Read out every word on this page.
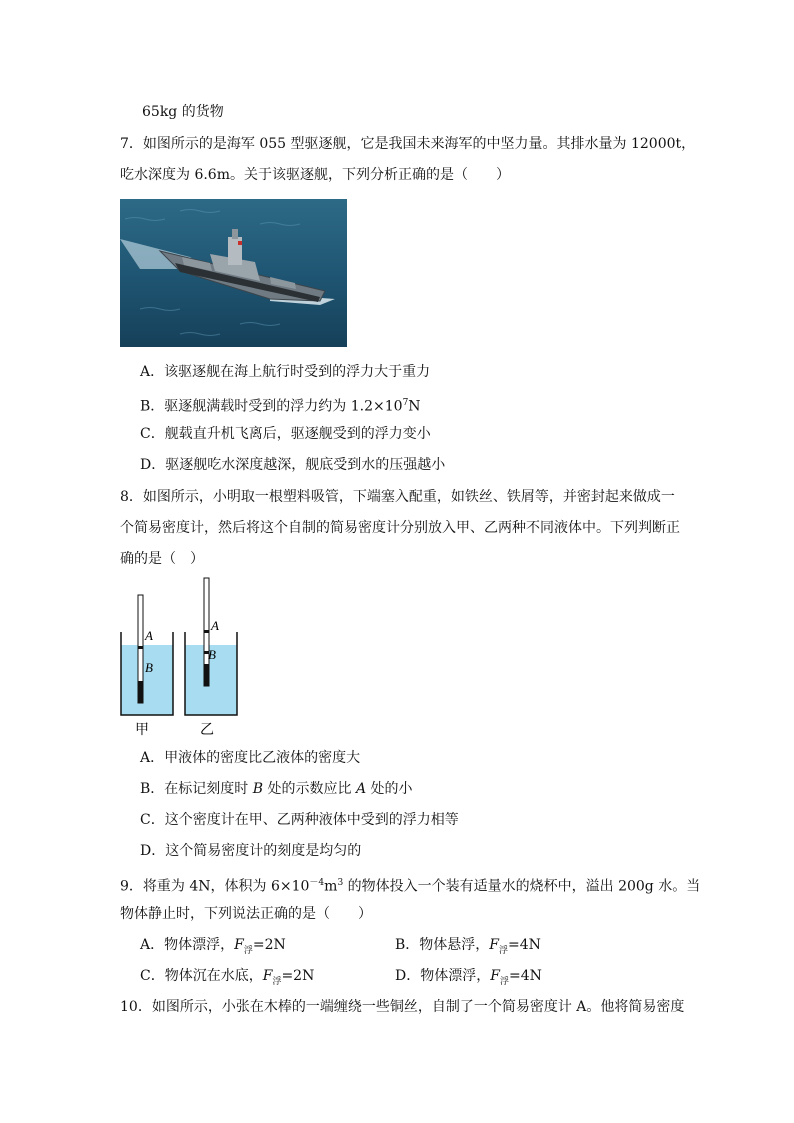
65kg 的货物
7．如图所示的是海军 055 型驱逐舰，它是我国未来海军的中坚力量。其排水量为 12000t，
吃水深度为 6.6m。关于该驱逐舰，下列分析正确的是（　　）
A．该驱逐舰在海上航行时受到的浮力大于重力
B．驱逐舰满载时受到的浮力约为 $1.2\times 10^7N$
C．舰载直升机飞离后，驱逐舰受到的浮力变小
D．驱逐舰吃水深度越深，舰底受到水的压强越小
8．如图所示，小明取一根塑料吸管，下端塞入配重，如铁丝、铁屑等，并密封起来做成一
个简易密度计，然后将这个自制的简易密度计分别放入甲、乙两种不同液体中。下列判断正
确的是（　）
A
B
A
B
甲	乙
A．甲液体的密度比乙液体的密度大
B．在标记刻度时 B 处的示数应比 A 处的小
C．这个密度计在甲、乙两种液体中受到的浮力相等
D．这个简易密度计的刻度是均匀的
9．将重为 4N，体积为 $6\times 10^{-4}m^3$ 的物体投入一个装有适量水的烧杯中，溢出 200g 水。当
物体静止时，下列说法正确的是（　　）
A．物体漂浮，$F_浮=2N$	B．物体悬浮，$F_浮=4N$
C．物体沉在水底，$F_浮=2N$	D．物体漂浮，$F_浮=4N$
10．如图所示，小张在木棒的一端缠绕一些铜丝，自制了一个简易密度计 A。他将简易密度
